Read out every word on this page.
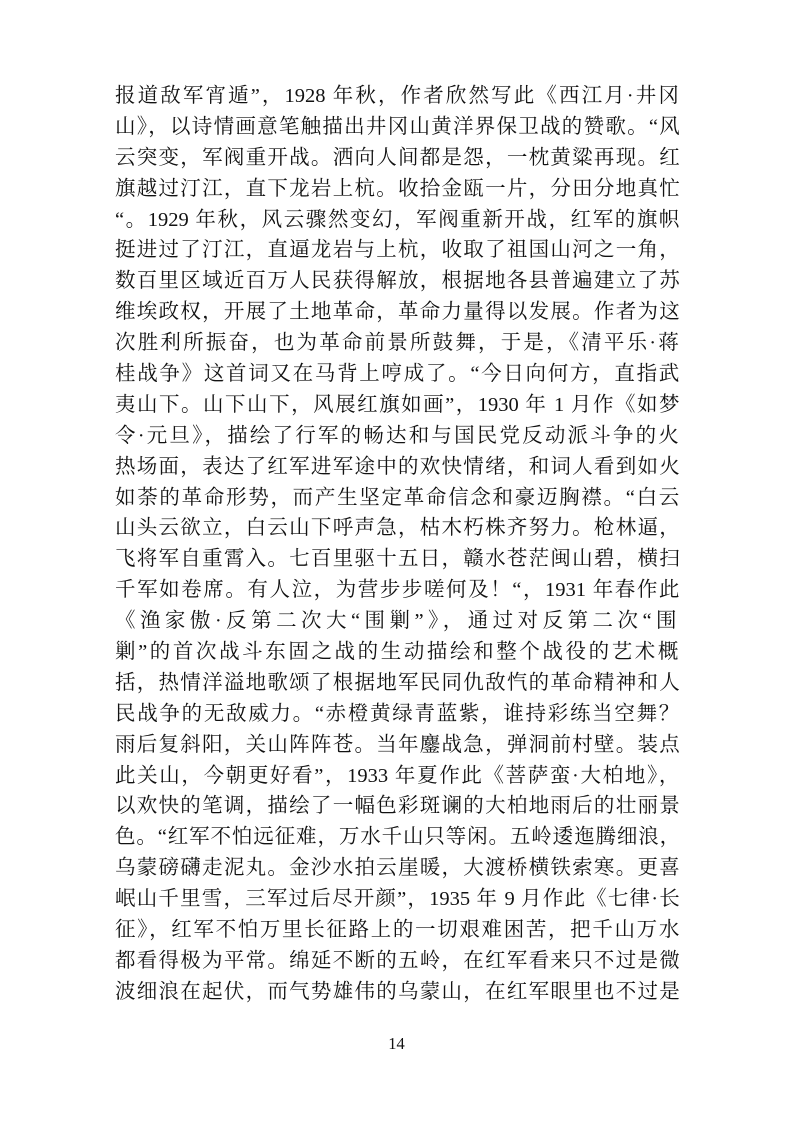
报道敌军宵遁”，1928 年秋，作者欣然写此《西江月·井冈
山》，以诗情画意笔触描出井冈山黄洋界保卫战的赞歌。“风
云突变，军阀重开战。洒向人间都是怨，一枕黄粱再现。红
旗越过汀江，直下龙岩上杭。收拾金瓯一片，分田分地真忙
“。1929 年秋，风云骤然变幻，军阀重新开战，红军的旗帜
挺进过了汀江，直逼龙岩与上杭，收取了祖国山河之一角，
数百里区域近百万人民获得解放，根据地各县普遍建立了苏
维埃政权，开展了土地革命，革命力量得以发展。作者为这
次胜利所振奋，也为革命前景所鼓舞，于是，《清平乐·蒋
桂战争》这首词又在马背上哼成了。“今日向何方，直指武
夷山下。山下山下，风展红旗如画”，1930 年 1 月作《如梦
令·元旦》，描绘了行军的畅达和与国民党反动派斗争的火
热场面，表达了红军进军途中的欢快情绪，和词人看到如火
如荼的革命形势，而产生坚定革命信念和豪迈胸襟。“白云
山头云欲立，白云山下呼声急，枯木朽株齐努力。枪林逼，
飞将军自重霄入。七百里驱十五日，赣水苍茫闽山碧，横扫
千军如卷席。有人泣，为营步步嗟何及！“，1931 年春作此
《渔家傲·反第二次大“围剿”》，通过对反第二次“围
剿”的首次战斗东固之战的生动描绘和整个战役的艺术概
括，热情洋溢地歌颂了根据地军民同仇敌忾的革命精神和人
民战争的无敌威力。“赤橙黄绿青蓝紫，谁持彩练当空舞？
雨后复斜阳，关山阵阵苍。当年鏖战急，弹洞前村壁。装点
此关山，今朝更好看”，1933 年夏作此《菩萨蛮·大柏地》，
以欢快的笔调，描绘了一幅色彩斑谰的大柏地雨后的壮丽景
色。“红军不怕远征难，万水千山只等闲。五岭逶迤腾细浪，
乌蒙磅礴走泥丸。金沙水拍云崖暖，大渡桥横铁索寒。更喜
岷山千里雪，三军过后尽开颜”，1935 年 9 月作此《七律·长
征》，红军不怕万里长征路上的一切艰难困苦，把千山万水
都看得极为平常。绵延不断的五岭，在红军看来只不过是微
波细浪在起伏，而气势雄伟的乌蒙山，在红军眼里也不过是
14
